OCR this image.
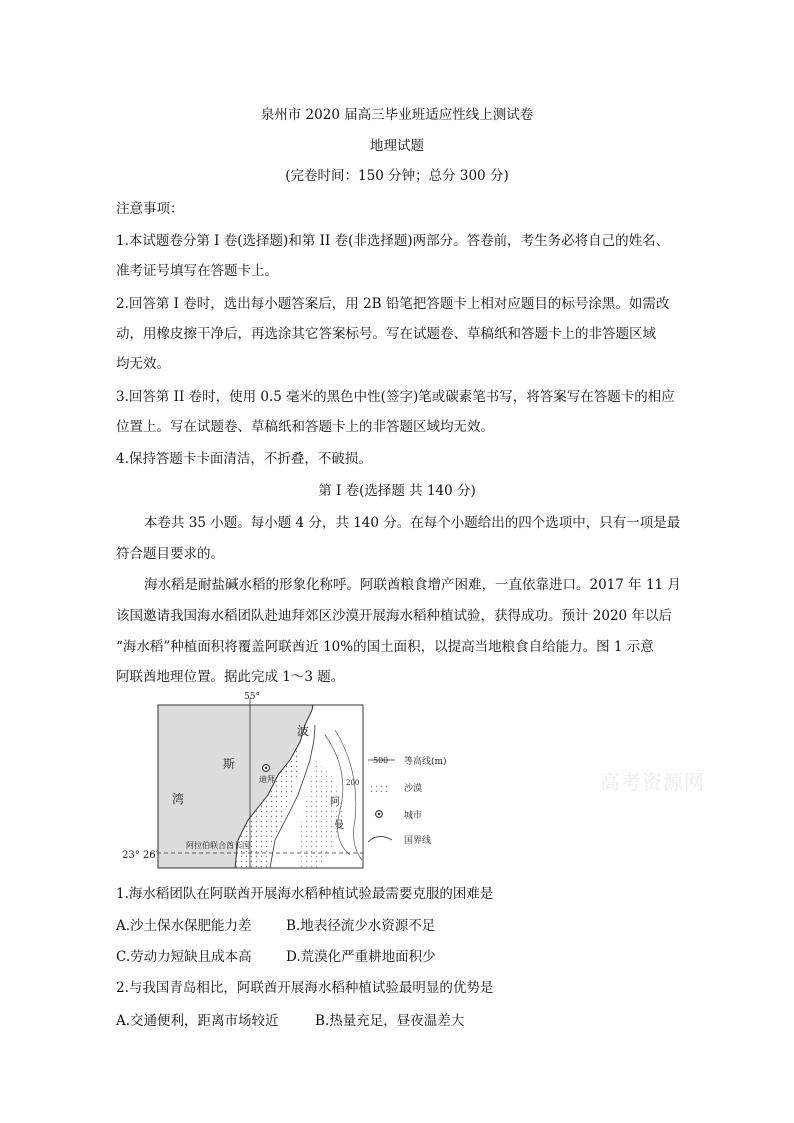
泉州市 2020 届高三毕业班适应性线上测试卷
地理试题
(完卷时间：150 分钟；总分 300 分)
注意事项：
1.本试题卷分第 I 卷(选择题)和第 II 卷(非选择题)两部分。答卷前，考生务必将自己的姓名、
准考证号填写在答题卡上。
2.回答第 I 卷时，选出每小题答案后，用 2B 铅笔把答题卡上相对应题目的标号涂黑。如需改
动，用橡皮擦干净后，再选涂其它答案标号。写在试题卷、草稿纸和答题卡上的非答题区域
均无效。
3.回答第 II 卷时，使用 0.5 毫米的黑色中性(签字)笔或碳素笔书写，将答案写在答题卡的相应
位置上。写在试题卷、草稿纸和答题卡上的非答题区域均无效。
4.保持答题卡卡面清洁，不折叠，不破损。
第 I 卷(选择题 共 140 分)
本卷共 35 小题。每小题 4 分，共 140 分。在每个小题给出的四个选项中，只有一项是最
符合题目要求的。
海水稻是耐盐碱水稻的形象化称呼。阿联酋粮食增产困难，一直依靠进口。2017 年 11 月
该国邀请我国海水稻团队赴迪拜郊区沙漠开展海水稻种植试验，获得成功。预计 2020 年以后
“海水稻”种植面积将覆盖阿联酋近 10%的国土面积，以提高当地粮食自给能力。图 1 示意
阿联酋地理位置。据此完成 1～3 题。
高考资源网
55°
23° 26′
波
斯
湾
迪拜
阿拉伯联合酋长国
阿
曼
200
500 等高线(m)
沙漠
城市
国界线
1.海水稻团队在阿联酋开展海水稻种植试验最需要克服的困难是
A.沙土保水保肥能力差	B.地表径流少水资源不足
C.劳动力短缺且成本高	D.荒漠化严重耕地面积少
2.与我国青岛相比，阿联酋开展海水稻种植试验最明显的优势是
A.交通便利，距离市场较近	B.热量充足，昼夜温差大
